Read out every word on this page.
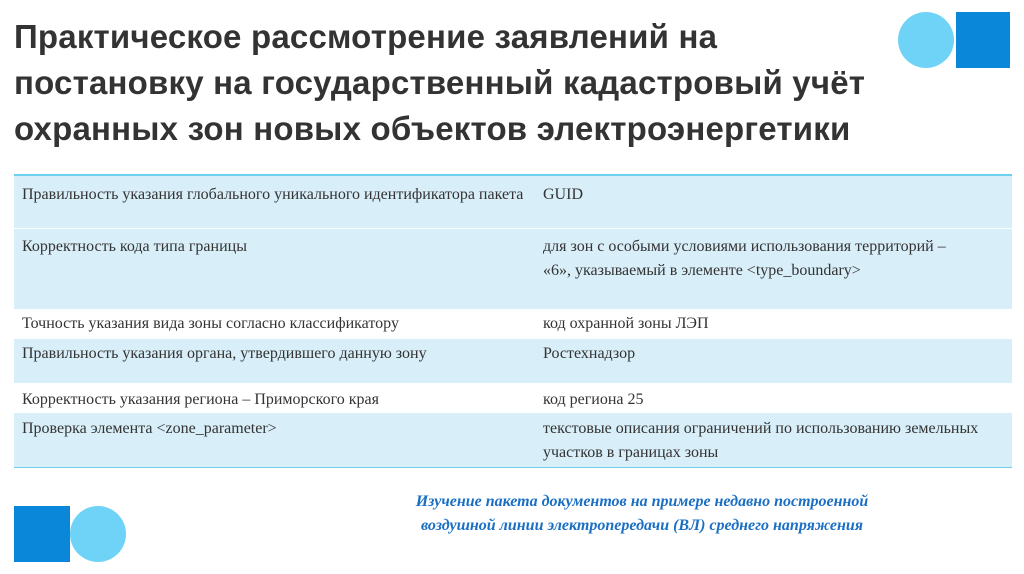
Практическое рассмотрение заявлений на постановку на государственный кадастровый учёт охранных зон новых объектов электроэнергетики
Правильность указания глобального уникального идентификатора пакета	GUID
Корректность кода типа границы	для зон с особыми условиями использования территорий – «6», указываемый в элементе <type_boundary>
Точность указания вида зоны согласно классификатору	код охранной зоны ЛЭП
Правильность указания органа, утвердившего данную зону	Ростехнадзор
Корректность указания региона – Приморского края	код региона 25
Проверка элемента <zone_parameter>	текстовые описания ограничений по использованию земельных участков в границах зоны
Изучение пакета документов на примере недавно построенной
воздушной линии электропередачи (ВЛ) среднего напряжения
